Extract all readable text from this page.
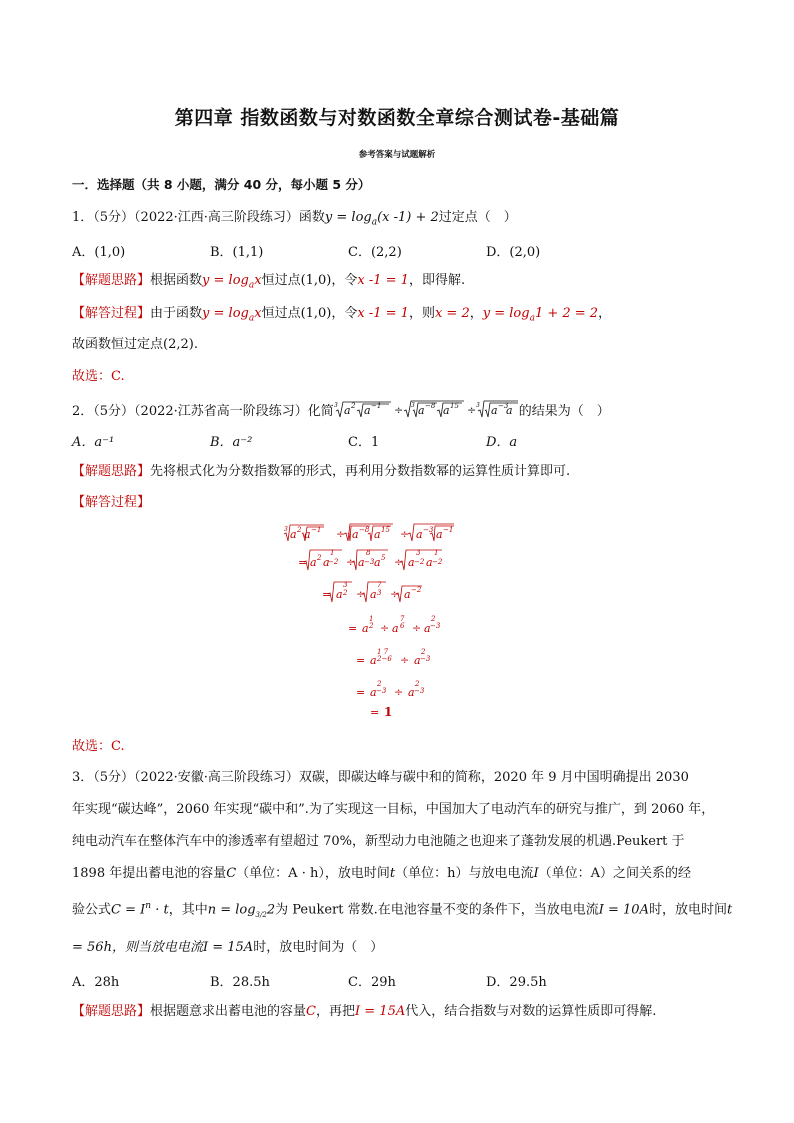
第四章 指数函数与对数函数全章综合测试卷-基础篇
参考答案与试题解析
一．选择题（共 8 小题，满分 40 分，每小题 5 分）
1．（5分）（2022·江西·高三阶段练习）函数$y = \log_a(x$ -1) + 2过定点（　）
A．(1,0)	B．(1,1)	C．(2,2)	D．(2,0)
【解题思路】根据函数$y = \log_ax$恒过点(1,0)，令x -1 = 1，即得解.
【解答过程】由于函数$y = \log_ax$恒过点(1,0)，令x -1 = 1，则x = 2，$y = \log_a1 + 2 = 2$，
故函数恒过定点(2,2).
故选：C.
2．（5分）（2022·江苏省高一阶段练习）化简 3 a 2 a −1 ÷ 3 a −8 a 15 ÷ 3 a −3
a 的结果为（　）
A．a⁻¹	B．a⁻²	C．1	D．a
【解题思路】先将根式化为分数指数幂的形式，再利用分数指数幂的运算性质计算即可.
【解答过程】
3 a 2 a −1 ÷ a −8 a 15 ÷ a −3 a −1
= a 2 a
1
−2 ÷ a
8
−3 a 5 ÷ a
3
−2 a
1
−2
= a
3
2 ÷ a
7
3 ÷ a −2
= a
1
2 ÷ a
7
6 ÷ a
2
−3
= a
1 7
2−6 ÷ a
2
−3
= a
2
−3 ÷ a
2
−3
= 1
故选：C.
3．（5分）（2022·安徽·高三阶段练习）双碳，即碳达峰与碳中和的简称，2020 年 9 月中国明确提出 2030
年实现“碳达峰”，2060 年实现“碳中和”.为了实现这一目标，中国加大了电动汽车的研究与推广，到 2060 年，
纯电动汽车在整体汽车中的渗透率有望超过 70%，新型动力电池随之也迎来了蓬勃发展的机遇.Peukert 于
1898 年提出蓄电池的容量C（单位：A · h），放电时间t（单位：h）与放电电流I（单位：A）之间关系的经
验公式$C = I^n \cdot t$，其中$n = \log_{3/2}2$为 Peukert 常数.在电池容量不变的条件下，当放电电流I = 10A时，放电时间t
= 56h，则当放电电流I = 15A时，放电时间为（　）
A．28h	B．28.5h	C．29h	D．29.5h
【解题思路】根据题意求出蓄电池的容量C，再把I = 15A代入，结合指数与对数的运算性质即可得解.
